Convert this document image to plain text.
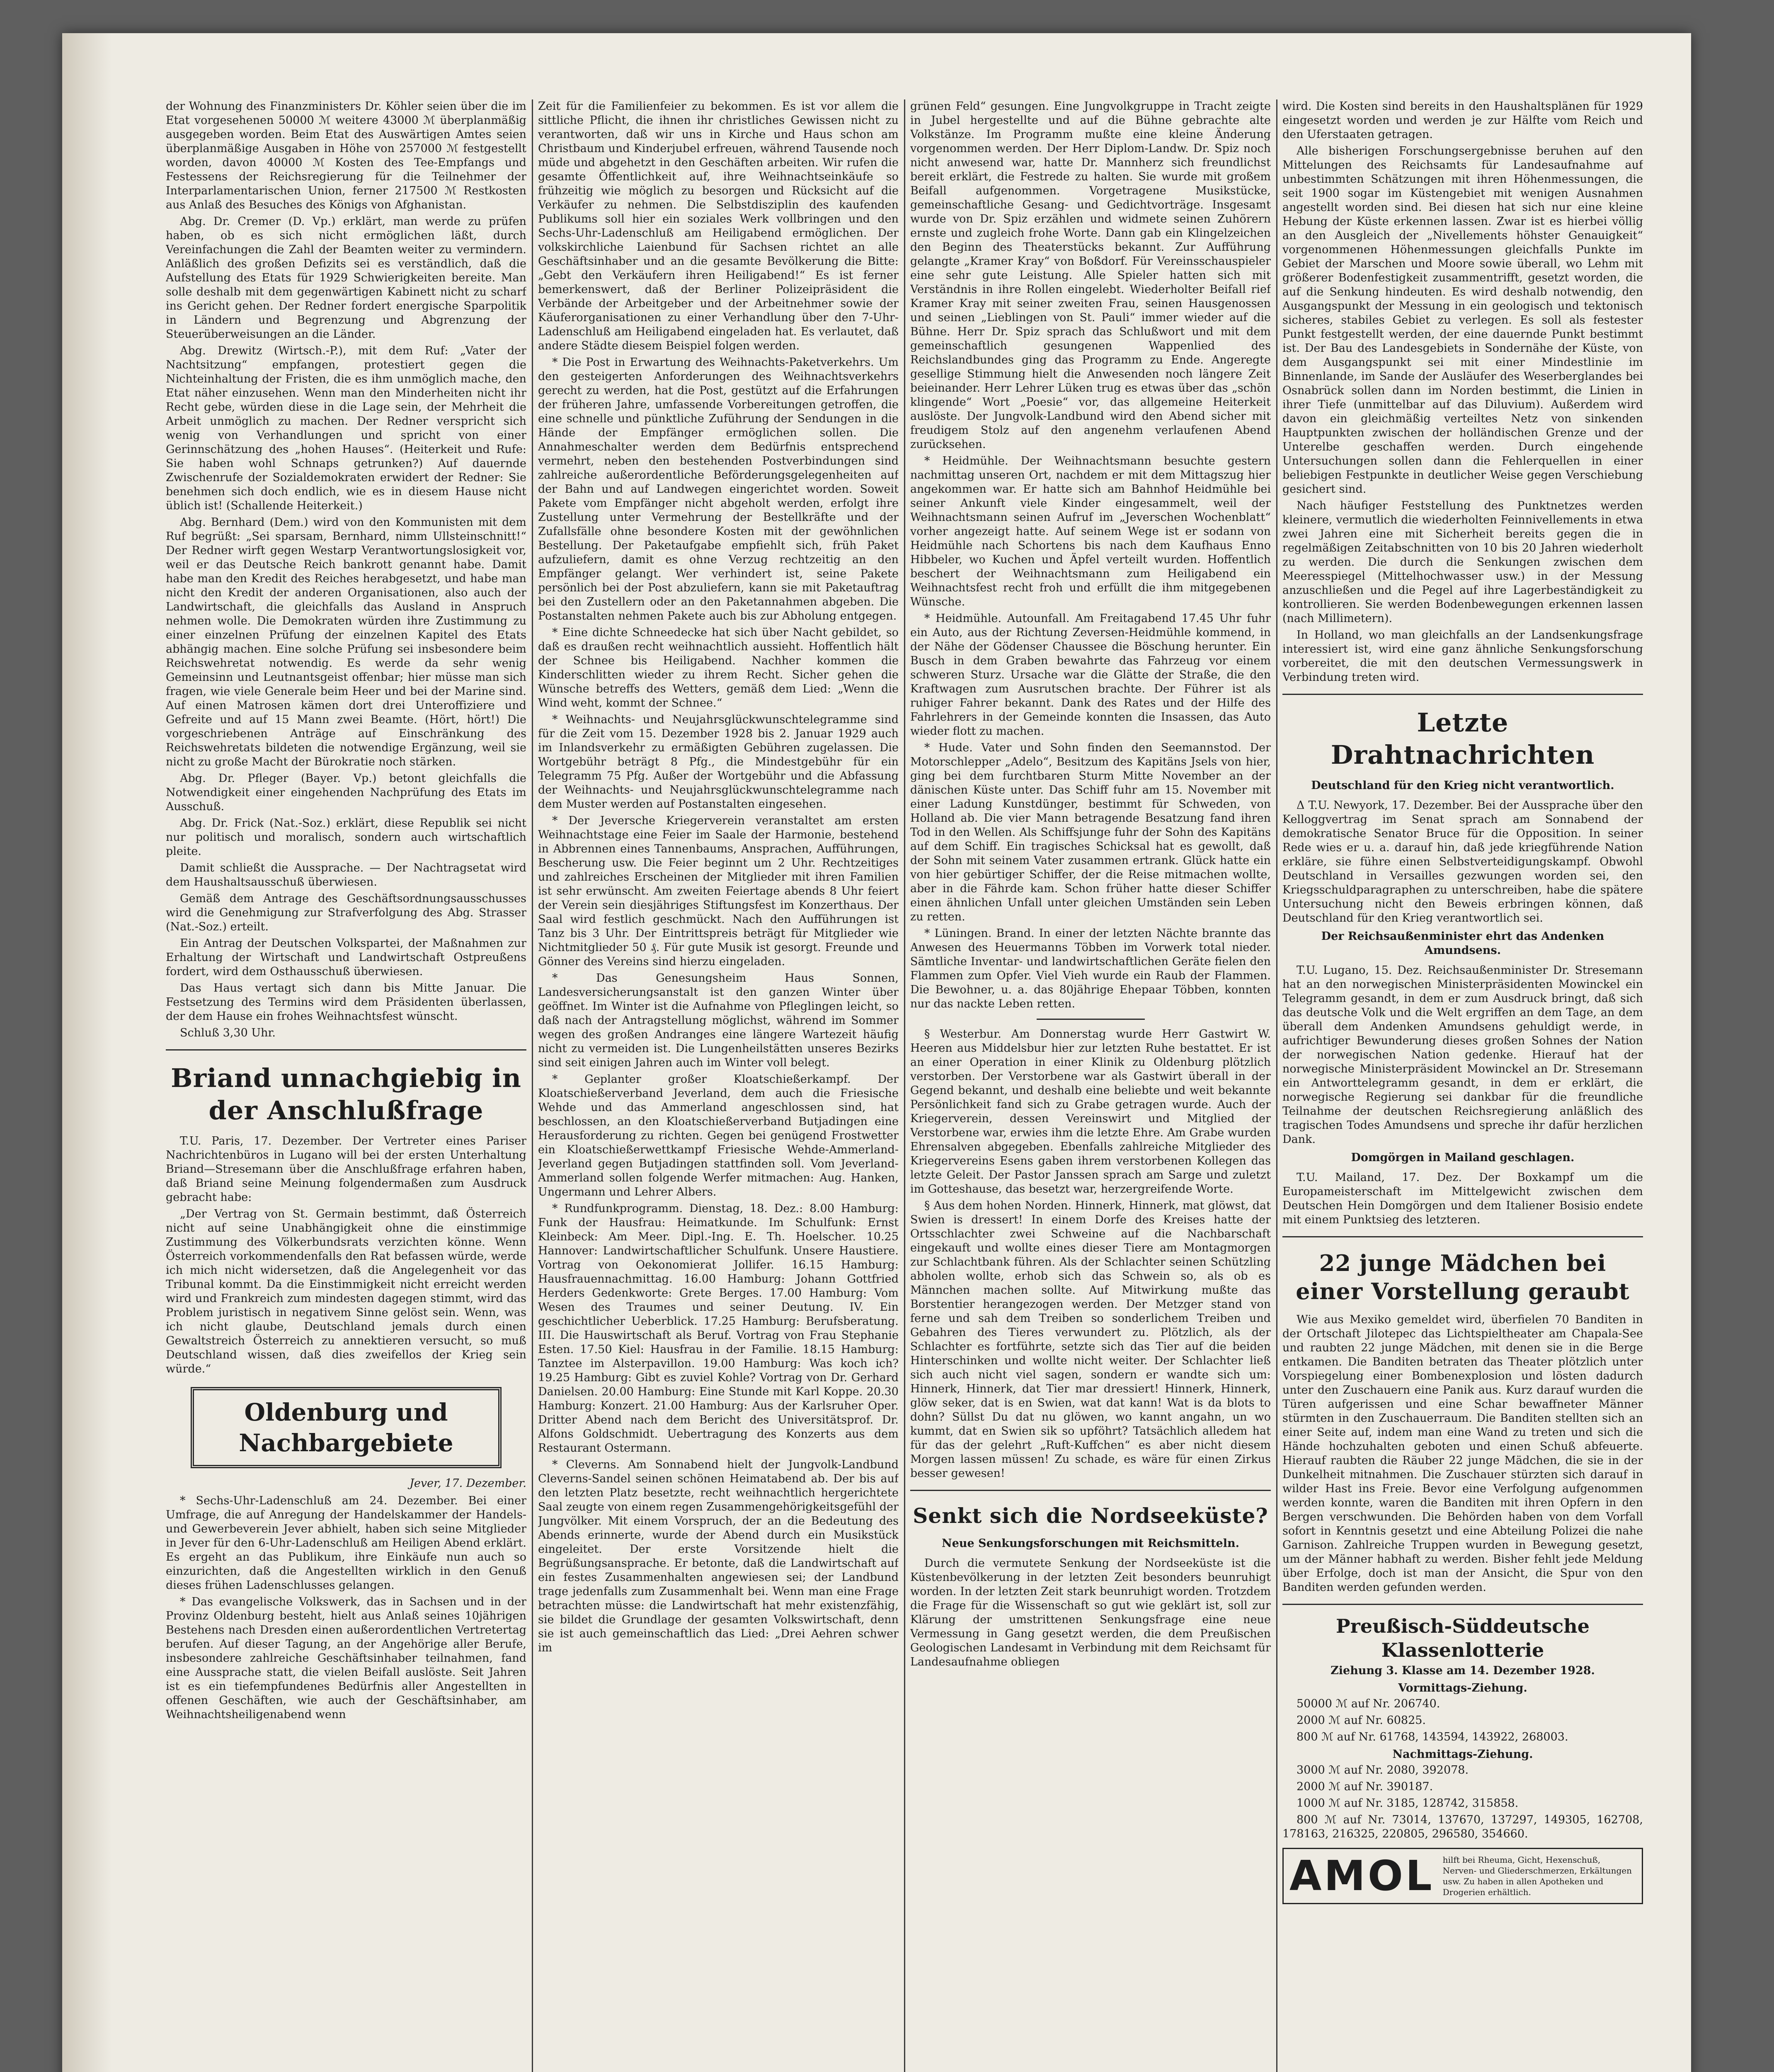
der Wohnung des Finanzministers Dr. Köhler seien über die im Etat vorgesehenen 50000 ℳ weitere 43000 ℳ überplanmäßig ausgegeben worden. Beim Etat des Auswärtigen Amtes seien überplanmäßige Ausgaben in Höhe von 257000 ℳ festgestellt worden, davon 40000 ℳ Kosten des Tee-Empfangs und Festessens der Reichsregierung für die Teilnehmer der Interparlamentarischen Union, ferner 217500 ℳ Restkosten aus Anlaß des Besuches des Königs von Afghanistan.

Abg. Dr. Cremer (D. Vp.) erklärt, man werde zu prüfen haben, ob es sich nicht ermöglichen läßt, durch Vereinfachungen die Zahl der Beamten weiter zu vermindern. Anläßlich des großen Defizits sei es verständlich, daß die Aufstellung des Etats für 1929 Schwierigkeiten bereite. Man solle deshalb mit dem gegenwärtigen Kabinett nicht zu scharf ins Gericht gehen. Der Redner fordert energische Sparpolitik in Ländern und Begrenzung und Abgrenzung der Steuerüberweisungen an die Länder.

Abg. Drewitz (Wirtsch.-P.), mit dem Ruf: „Vater der Nachtsitzung“ empfangen, protestiert gegen die Nichteinhaltung der Fristen, die es ihm unmöglich mache, den Etat näher einzusehen. Wenn man den Minderheiten nicht ihr Recht gebe, würden diese in die Lage sein, der Mehrheit die Arbeit unmöglich zu machen. Der Redner verspricht sich wenig von Verhandlungen und spricht von einer Gerinnschätzung des „hohen Hauses“. (Heiterkeit und Rufe: Sie haben wohl Schnaps getrunken?) Auf dauernde Zwischenrufe der Sozialdemokraten erwidert der Redner: Sie benehmen sich doch endlich, wie es in diesem Hause nicht üblich ist! (Schallende Heiterkeit.)

Abg. Bernhard (Dem.) wird von den Kommunisten mit dem Ruf begrüßt: „Sei sparsam, Bernhard, nimm Ullsteinschnitt!“ Der Redner wirft gegen Westarp Verantwortungslosigkeit vor, weil er das Deutsche Reich bankrott genannt habe. Damit habe man den Kredit des Reiches herabgesetzt, und habe man nicht den Kredit der anderen Organisationen, also auch der Landwirtschaft, die gleichfalls das Ausland in Anspruch nehmen wolle. Die Demokraten würden ihre Zustimmung zu einer einzelnen Prüfung der einzelnen Kapitel des Etats abhängig machen. Eine solche Prüfung sei insbesondere beim Reichswehretat notwendig. Es werde da sehr wenig Gemeinsinn und Leutnantsgeist offenbar; hier müsse man sich fragen, wie viele Generale beim Heer und bei der Marine sind. Auf einen Matrosen kämen dort drei Unteroffiziere und Gefreite und auf 15 Mann zwei Beamte. (Hört, hört!) Die vorgeschriebenen Anträge auf Einschränkung des Reichswehretats bildeten die notwendige Ergänzung, weil sie nicht zu große Macht der Bürokratie noch stärken.

Abg. Dr. Pfleger (Bayer. Vp.) betont gleichfalls die Notwendigkeit einer eingehenden Nachprüfung des Etats im Ausschuß.

Abg. Dr. Frick (Nat.-Soz.) erklärt, diese Republik sei nicht nur politisch und moralisch, sondern auch wirtschaftlich pleite.

Damit schließt die Aussprache. — Der Nachtragsetat wird dem Haushaltsausschuß überwiesen.

Gemäß dem Antrage des Geschäftsordnungsausschusses wird die Genehmigung zur Strafverfolgung des Abg. Strasser (Nat.-Soz.) erteilt.

Ein Antrag der Deutschen Volkspartei, der Maßnahmen zur Erhaltung der Wirtschaft und Landwirtschaft Ostpreußens fordert, wird dem Osthausschuß überwiesen.

Das Haus vertagt sich dann bis Mitte Januar. Die Festsetzung des Termins wird dem Präsidenten überlassen, der dem Hause ein frohes Weihnachtsfest wünscht.

Schluß 3,30 Uhr.

Briand unnachgiebig in der Anschlußfrage

T.U. Paris, 17. Dezember. Der Vertreter eines Pariser Nachrichtenbüros in Lugano will bei der ersten Unterhaltung Briand—Stresemann über die Anschlußfrage erfahren haben, daß Briand seine Meinung folgendermaßen zum Ausdruck gebracht habe:

„Der Vertrag von St. Germain bestimmt, daß Österreich nicht auf seine Unabhängigkeit ohne die einstimmige Zustimmung des Völkerbundsrats verzichten könne. Wenn Österreich vorkommendenfalls den Rat befassen würde, werde ich mich nicht widersetzen, daß die Angelegenheit vor das Tribunal kommt. Da die Einstimmigkeit nicht erreicht werden wird und Frankreich zum mindesten dagegen stimmt, wird das Problem juristisch in negativem Sinne gelöst sein. Wenn, was ich nicht glaube, Deutschland jemals durch einen Gewaltstreich Österreich zu annektieren versucht, so muß Deutschland wissen, daß dies zweifellos der Krieg sein würde.“

Oldenburg und Nachbargebiete
Jever, 17. Dezember.

* Sechs-Uhr-Ladenschluß am 24. Dezember. Bei einer Umfrage, die auf Anregung der Handelskammer der Handels- und Gewerbeverein Jever abhielt, haben sich seine Mitglieder in Jever für den 6-Uhr-Ladenschluß am Heiligen Abend erklärt. Es ergeht an das Publikum, ihre Einkäufe nun auch so einzurichten, daß die Angestellten wirklich in den Genuß dieses frühen Ladenschlusses gelangen.

* Das evangelische Volkswerk, das in Sachsen und in der Provinz Oldenburg besteht, hielt aus Anlaß seines 10jährigen Bestehens nach Dresden einen außerordentlichen Vertretertag berufen. Auf dieser Tagung, an der Angehörige aller Berufe, insbesondere zahlreiche Geschäftsinhaber teilnahmen, fand eine Aussprache statt, die vielen Beifall auslöste. Seit Jahren ist es ein tiefempfundenes Bedürfnis aller Angestellten in offenen Geschäften, wie auch der Geschäftsinhaber, am Weihnachtsheiligenabend wenn

Zeit für die Familienfeier zu bekommen. Es ist vor allem die sittliche Pflicht, die ihnen ihr christliches Gewissen nicht zu verantworten, daß wir uns in Kirche und Haus schon am Christbaum und Kinderjubel erfreuen, während Tausende noch müde und abgehetzt in den Geschäften arbeiten. Wir rufen die gesamte Öffentlichkeit auf, ihre Weihnachtseinkäufe so frühzeitig wie möglich zu besorgen und Rücksicht auf die Verkäufer zu nehmen. Die Selbstdisziplin des kaufenden Publikums soll hier ein soziales Werk vollbringen und den Sechs-Uhr-Ladenschluß am Heiligabend ermöglichen. Der volkskirchliche Laienbund für Sachsen richtet an alle Geschäftsinhaber und an die gesamte Bevölkerung die Bitte: „Gebt den Verkäufern ihren Heiligabend!“ Es ist ferner bemerkenswert, daß der Berliner Polizeipräsident die Verbände der Arbeitgeber und der Arbeitnehmer sowie der Käuferorganisationen zu einer Verhandlung über den 7-Uhr-Ladenschluß am Heiligabend eingeladen hat. Es verlautet, daß andere Städte diesem Beispiel folgen werden.

* Die Post in Erwartung des Weihnachts-Paketverkehrs. Um den gesteigerten Anforderungen des Weihnachtsverkehrs gerecht zu werden, hat die Post, gestützt auf die Erfahrungen der früheren Jahre, umfassende Vorbereitungen getroffen, die eine schnelle und pünktliche Zuführung der Sendungen in die Hände der Empfänger ermöglichen sollen. Die Annahmeschalter werden dem Bedürfnis entsprechend vermehrt, neben den bestehenden Postverbindungen sind zahlreiche außerordentliche Beförderungsgelegenheiten auf der Bahn und auf Landwegen eingerichtet worden. Soweit Pakete vom Empfänger nicht abgeholt werden, erfolgt ihre Zustellung unter Vermehrung der Bestellkräfte und der Zufallsfälle ohne besondere Kosten mit der gewöhnlichen Bestellung. Der Paketaufgabe empfiehlt sich, früh Paket aufzuliefern, damit es ohne Verzug rechtzeitig an den Empfänger gelangt. Wer verhindert ist, seine Pakete persönlich bei der Post abzuliefern, kann sie mit Paketauftrag bei den Zustellern oder an den Paketannahmen abgeben. Die Postanstalten nehmen Pakete auch bis zur Abholung entgegen.

* Eine dichte Schneedecke hat sich über Nacht gebildet, so daß es draußen recht weihnachtlich aussieht. Hoffentlich hält der Schnee bis Heiligabend. Nachher kommen die Kinderschlitten wieder zu ihrem Recht. Sicher gehen die Wünsche betreffs des Wetters, gemäß dem Lied: „Wenn die Wind weht, kommt der Schnee.“

* Weihnachts- und Neujahrsglückwunschtelegramme sind für die Zeit vom 15. Dezember 1928 bis 2. Januar 1929 auch im Inlandsverkehr zu ermäßigten Gebühren zugelassen. Die Wortgebühr beträgt 8 Pfg., die Mindestgebühr für ein Telegramm 75 Pfg. Außer der Wortgebühr und die Abfassung der Weihnachts- und Neujahrsglückwunschtelegramme nach dem Muster werden auf Postanstalten eingesehen.

* Der Jeversche Kriegerverein veranstaltet am ersten Weihnachtstage eine Feier im Saale der Harmonie, bestehend in Abbrennen eines Tannenbaums, Ansprachen, Aufführungen, Bescherung usw. Die Feier beginnt um 2 Uhr. Rechtzeitiges und zahlreiches Erscheinen der Mitglieder mit ihren Familien ist sehr erwünscht. Am zweiten Feiertage abends 8 Uhr feiert der Verein sein diesjähriges Stiftungsfest im Konzerthaus. Der Saal wird festlich geschmückt. Nach den Aufführungen ist Tanz bis 3 Uhr. Der Eintrittspreis beträgt für Mitglieder wie Nichtmitglieder 50 ₰. Für gute Musik ist gesorgt. Freunde und Gönner des Vereins sind hierzu eingeladen.

* Das Genesungsheim Haus Sonnen, Landesversicherungsanstalt ist den ganzen Winter über geöffnet. Im Winter ist die Aufnahme von Pfleglingen leicht, so daß nach der Antragstellung möglichst, während im Sommer wegen des großen Andranges eine längere Wartezeit häufig nicht zu vermeiden ist. Die Lungenheilstätten unseres Bezirks sind seit einigen Jahren auch im Winter voll belegt.

* Geplanter großer Kloatschießerkampf. Der Kloatschießerverband Jeverland, dem auch die Friesische Wehde und das Ammerland angeschlossen sind, hat beschlossen, an den Kloatschießerverband Butjadingen eine Herausforderung zu richten. Gegen bei genügend Frostwetter ein Kloatschießerwettkampf Friesische Wehde-Ammerland-Jeverland gegen Butjadingen stattfinden soll. Vom Jeverland-Ammerland sollen folgende Werfer mitmachen: Aug. Hanken, Ungermann und Lehrer Albers.

* Rundfunkprogramm. Dienstag, 18. Dez.: 8.00 Hamburg: Funk der Hausfrau: Heimatkunde. Im Schulfunk: Ernst Kleinbeck: Am Meer. Dipl.-Ing. E. Th. Hoelscher. 10.25 Hannover: Landwirtschaftlicher Schulfunk. Unsere Haustiere. Vortrag von Oekonomierat Jollifer. 16.15 Hamburg: Hausfrauennachmittag. 16.00 Hamburg: Johann Gottfried Herders Gedenkworte: Grete Berges. 17.00 Hamburg: Vom Wesen des Traumes und seiner Deutung. IV. Ein geschichtlicher Ueberblick. 17.25 Hamburg: Berufsberatung. III. Die Hauswirtschaft als Beruf. Vortrag von Frau Stephanie Esten. 17.50 Kiel: Hausfrau in der Familie. 18.15 Hamburg: Tanztee im Alsterpavillon. 19.00 Hamburg: Was koch ich? 19.25 Hamburg: Gibt es zuviel Kohle? Vortrag von Dr. Gerhard Danielsen. 20.00 Hamburg: Eine Stunde mit Karl Koppe. 20.30 Hamburg: Konzert. 21.00 Hamburg: Aus der Karlsruher Oper. Dritter Abend nach dem Bericht des Universitätsprof. Dr. Alfons Goldschmidt. Uebertragung des Konzerts aus dem Restaurant Ostermann.

* Cleverns. Am Sonnabend hielt der Jungvolk-Landbund Cleverns-Sandel seinen schönen Heimatabend ab. Der bis auf den letzten Platz besetzte, recht weihnachtlich hergerichtete Saal zeugte von einem regen Zusammengehörigkeitsgefühl der Jungvölker. Mit einem Vorspruch, der an die Bedeutung des Abends erinnerte, wurde der Abend durch ein Musikstück eingeleitet. Der erste Vorsitzende hielt die Begrüßungsansprache. Er betonte, daß die Landwirtschaft auf ein festes Zusammenhalten angewiesen sei; der Landbund trage jedenfalls zum Zusammenhalt bei. Wenn man eine Frage betrachten müsse: die Landwirtschaft hat mehr existenzfähig, sie bildet die Grundlage der gesamten Volkswirtschaft, denn sie ist auch gemeinschaftlich das Lied: „Drei Aehren schwer im

grünen Feld“ gesungen. Eine Jungvolkgruppe in Tracht zeigte in Jubel hergestellte und auf die Bühne gebrachte alte Volkstänze. Im Programm mußte eine kleine Änderung vorgenommen werden. Der Herr Diplom-Landw. Dr. Spiz noch nicht anwesend war, hatte Dr. Mannherz sich freundlichst bereit erklärt, die Festrede zu halten. Sie wurde mit großem Beifall aufgenommen. Vorgetragene Musikstücke, gemeinschaftliche Gesang- und Gedichtvorträge. Insgesamt wurde von Dr. Spiz erzählen und widmete seinen Zuhörern ernste und zugleich frohe Worte. Dann gab ein Klingelzeichen den Beginn des Theaterstücks bekannt. Zur Aufführung gelangte „Kramer Kray“ von Boßdorf. Für Vereinsschauspieler eine sehr gute Leistung. Alle Spieler hatten sich mit Verständnis in ihre Rollen eingelebt. Wiederholter Beifall rief Kramer Kray mit seiner zweiten Frau, seinen Hausgenossen und seinen „Lieblingen von St. Pauli“ immer wieder auf die Bühne. Herr Dr. Spiz sprach das Schlußwort und mit dem gemeinschaftlich gesungenen Wappenlied des Reichslandbundes ging das Programm zu Ende. Angeregte gesellige Stimmung hielt die Anwesenden noch längere Zeit beieinander. Herr Lehrer Lüken trug es etwas über das „schön klingende“ Wort „Poesie“ vor, das allgemeine Heiterkeit auslöste. Der Jungvolk-Landbund wird den Abend sicher mit freudigem Stolz auf den angenehm verlaufenen Abend zurücksehen.

* Heidmühle. Der Weihnachtsmann besuchte gestern nachmittag unseren Ort, nachdem er mit dem Mittagszug hier angekommen war. Er hatte sich am Bahnhof Heidmühle bei seiner Ankunft viele Kinder eingesammelt, weil der Weihnachtsmann seinen Aufruf im „Jeverschen Wochenblatt“ vorher angezeigt hatte. Auf seinem Wege ist er sodann von Heidmühle nach Schortens bis nach dem Kaufhaus Enno Hibbeler, wo Kuchen und Äpfel verteilt wurden. Hoffentlich beschert der Weihnachtsmann zum Heiligabend ein Weihnachtsfest recht froh und erfüllt die ihm mitgegebenen Wünsche.

* Heidmühle. Autounfall. Am Freitagabend 17.45 Uhr fuhr ein Auto, aus der Richtung Zeversen-Heidmühle kommend, in der Nähe der Gödenser Chaussee die Böschung herunter. Ein Busch in dem Graben bewahrte das Fahrzeug vor einem schweren Sturz. Ursache war die Glätte der Straße, die den Kraftwagen zum Ausrutschen brachte. Der Führer ist als ruhiger Fahrer bekannt. Dank des Rates und der Hilfe des Fahrlehrers in der Gemeinde konnten die Insassen, das Auto wieder flott zu machen.

* Hude. Vater und Sohn finden den Seemannstod. Der Motorschlepper „Adelo“, Besitzum des Kapitäns Jsels von hier, ging bei dem furchtbaren Sturm Mitte November an der dänischen Küste unter. Das Schiff fuhr am 15. November mit einer Ladung Kunstdünger, bestimmt für Schweden, von Holland ab. Die vier Mann betragende Besatzung fand ihren Tod in den Wellen. Als Schiffsjunge fuhr der Sohn des Kapitäns auf dem Schiff. Ein tragisches Schicksal hat es gewollt, daß der Sohn mit seinem Vater zusammen ertrank. Glück hatte ein von hier gebürtiger Schiffer, der die Reise mitmachen wollte, aber in die Fährde kam. Schon früher hatte dieser Schiffer einen ähnlichen Unfall unter gleichen Umständen sein Leben zu retten.

* Lüningen. Brand. In einer der letzten Nächte brannte das Anwesen des Heuermanns Többen im Vorwerk total nieder. Sämtliche Inventar- und landwirtschaftlichen Geräte fielen den Flammen zum Opfer. Viel Vieh wurde ein Raub der Flammen. Die Bewohner, u. a. das 80jährige Ehepaar Többen, konnten nur das nackte Leben retten.

§ Westerbur. Am Donnerstag wurde Herr Gastwirt W. Heeren aus Middelsbur hier zur letzten Ruhe bestattet. Er ist an einer Operation in einer Klinik zu Oldenburg plötzlich verstorben. Der Verstorbene war als Gastwirt überall in der Gegend bekannt, und deshalb eine beliebte und weit bekannte Persönlichkeit fand sich zu Grabe getragen wurde. Auch der Kriegerverein, dessen Vereinswirt und Mitglied der Verstorbene war, erwies ihm die letzte Ehre. Am Grabe wurden Ehrensalven abgegeben. Ebenfalls zahlreiche Mitglieder des Kriegervereins Esens gaben ihrem verstorbenen Kollegen das letzte Geleit. Der Pastor Janssen sprach am Sarge und zuletzt im Gotteshause, das besetzt war, herzergreifende Worte.

§ Aus dem hohen Norden. Hinnerk, Hinnerk, mat glöwst, dat Swien is dressert! In einem Dorfe des Kreises hatte der Ortsschlachter zwei Schweine auf die Nachbarschaft eingekauft und wollte eines dieser Tiere am Montagmorgen zur Schlachtbank führen. Als der Schlachter seinen Schützling abholen wollte, erhob sich das Schwein so, als ob es Männchen machen sollte. Auf Mitwirkung mußte das Borstentier herangezogen werden. Der Metzger stand von ferne und sah dem Treiben so sonderlichem Treiben und Gebahren des Tieres verwundert zu. Plötzlich, als der Schlachter es fortführte, setzte sich das Tier auf die beiden Hinterschinken und wollte nicht weiter. Der Schlachter ließ sich auch nicht viel sagen, sondern er wandte sich um: Hinnerk, Hinnerk, dat Tier mar dressiert! Hinnerk, Hinnerk, glöw seker, dat is en Swien, wat dat kann! Wat is da blots to dohn? Süllst Du dat nu glöwen, wo kannt angahn, un wo kummt, dat en Swien sik so upföhrt? Tatsächlich alledem hat für das der gelehrt „Ruft-Kuffchen“ es aber nicht diesem Morgen lassen müssen! Zu schade, es wäre für einen Zirkus besser gewesen!

Senkt sich die Nordseeküste?
Neue Senkungsforschungen mit Reichsmitteln.

Durch die vermutete Senkung der Nordseeküste ist die Küstenbevölkerung in der letzten Zeit besonders beunruhigt worden. In der letzten Zeit stark beunruhigt worden. Trotzdem die Frage für die Wissenschaft so gut wie geklärt ist, soll zur Klärung der umstrittenen Senkungsfrage eine neue Vermessung in Gang gesetzt werden, die dem Preußischen Geologischen Landesamt in Verbindung mit dem Reichsamt für Landesaufnahme obliegen

wird. Die Kosten sind bereits in den Haushaltsplänen für 1929 eingesetzt worden und werden je zur Hälfte vom Reich und den Uferstaaten getragen.

Alle bisherigen Forschungsergebnisse beruhen auf den Mittelungen des Reichsamts für Landesaufnahme auf unbestimmten Schätzungen mit ihren Höhenmessungen, die seit 1900 sogar im Küstengebiet mit wenigen Ausnahmen angestellt worden sind. Bei diesen hat sich nur eine kleine Hebung der Küste erkennen lassen. Zwar ist es hierbei völlig an den Ausgleich der „Nivellements höhster Genauigkeit“ vorgenommenen Höhenmessungen gleichfalls Punkte im Gebiet der Marschen und Moore sowie überall, wo Lehm mit größerer Bodenfestigkeit zusammentrifft, gesetzt worden, die auf die Senkung hindeuten. Es wird deshalb notwendig, den Ausgangspunkt der Messung in ein geologisch und tektonisch sicheres, stabiles Gebiet zu verlegen. Es soll als festester Punkt festgestellt werden, der eine dauernde Punkt bestimmt ist. Der Bau des Landesgebiets in Sondernähe der Küste, von dem Ausgangspunkt sei mit einer Mindestlinie im Binnenlande, im Sande der Ausläufer des Weserberglandes bei Osnabrück sollen dann im Norden bestimmt, die Linien in ihrer Tiefe (unmittelbar auf das Diluvium). Außerdem wird davon ein gleichmäßig verteiltes Netz von sinkenden Hauptpunkten zwischen der holländischen Grenze und der Unterelbe geschaffen werden. Durch eingehende Untersuchungen sollen dann die Fehlerquellen in einer beliebigen Festpunkte in deutlicher Weise gegen Verschiebung gesichert sind.

Nach häufiger Feststellung des Punktnetzes werden kleinere, vermutlich die wiederholten Feinnivellements in etwa zwei Jahren eine mit Sicherheit bereits gegen die in regelmäßigen Zeitabschnitten von 10 bis 20 Jahren wiederholt zu werden. Die durch die Senkungen zwischen dem Meeresspiegel (Mittelhochwasser usw.) in der Messung anzuschließen und die Pegel auf ihre Lagerbeständigkeit zu kontrollieren. Sie werden Bodenbewegungen erkennen lassen (nach Millimetern).

In Holland, wo man gleichfalls an der Landsenkungsfrage interessiert ist, wird eine ganz ähnliche Senkungsforschung vorbereitet, die mit den deutschen Vermessungswerk in Verbindung treten wird.

Letzte Drahtnachrichten
Deutschland für den Krieg nicht verantwortlich.

Δ T.U. Newyork, 17. Dezember. Bei der Aussprache über den Kelloggvertrag im Senat sprach am Sonnabend der demokratische Senator Bruce für die Opposition. In seiner Rede wies er u. a. darauf hin, daß jede kriegführende Nation erkläre, sie führe einen Selbstverteidigungskampf. Obwohl Deutschland in Versailles gezwungen worden sei, den Kriegsschuldparagraphen zu unterschreiben, habe die spätere Untersuchung nicht den Beweis erbringen können, daß Deutschland für den Krieg verantwortlich sei.

Der Reichsaußenminister ehrt das Andenken Amundsens.

T.U. Lugano, 15. Dez. Reichsaußenminister Dr. Stresemann hat an den norwegischen Ministerpräsidenten Mowinckel ein Telegramm gesandt, in dem er zum Ausdruck bringt, daß sich das deutsche Volk und die Welt ergriffen an dem Tage, an dem überall dem Andenken Amundsens gehuldigt werde, in aufrichtiger Bewunderung dieses großen Sohnes der Nation der norwegischen Nation gedenke. Hierauf hat der norwegische Ministerpräsident Mowinckel an Dr. Stresemann ein Antworttelegramm gesandt, in dem er erklärt, die norwegische Regierung sei dankbar für die freundliche Teilnahme der deutschen Reichsregierung anläßlich des tragischen Todes Amundsens und spreche ihr dafür herzlichen Dank.

Domgörgen in Mailand geschlagen.

T.U. Mailand, 17. Dez. Der Boxkampf um die Europameisterschaft im Mittelgewicht zwischen dem Deutschen Hein Domgörgen und dem Italiener Bosisio endete mit einem Punktsieg des letzteren.

22 junge Mädchen bei einer Vorstellung geraubt

Wie aus Mexiko gemeldet wird, überfielen 70 Banditen in der Ortschaft Jilotepec das Lichtspieltheater am Chapala-See und raubten 22 junge Mädchen, mit denen sie in die Berge entkamen. Die Banditen betraten das Theater plötzlich unter Vorspiegelung einer Bombenexplosion und lösten dadurch unter den Zuschauern eine Panik aus. Kurz darauf wurden die Türen aufgerissen und eine Schar bewaffneter Männer stürmten in den Zuschauerraum. Die Banditen stellten sich an einer Seite auf, indem man eine Wand zu treten und sich die Hände hochzuhalten geboten und einen Schuß abfeuerte. Hierauf raubten die Räuber 22 junge Mädchen, die sie in der Dunkelheit mitnahmen. Die Zuschauer stürzten sich darauf in wilder Hast ins Freie. Bevor eine Verfolgung aufgenommen werden konnte, waren die Banditen mit ihren Opfern in den Bergen verschwunden. Die Behörden haben von dem Vorfall sofort in Kenntnis gesetzt und eine Abteilung Polizei die nahe Garnison. Zahlreiche Truppen wurden in Bewegung gesetzt, um der Männer habhaft zu werden. Bisher fehlt jede Meldung über Erfolge, doch ist man der Ansicht, die Spur von den Banditen werden gefunden werden.

Preußisch-Süddeutsche Klassenlotterie
Ziehung 3. Klasse am 14. Dezember 1928.
Vormittags-Ziehung.

50000 ℳ auf Nr. 206740.

2000 ℳ auf Nr. 60825.

800 ℳ auf Nr. 61768, 143594, 143922, 268003.

Nachmittags-Ziehung.

3000 ℳ auf Nr. 2080, 392078.

2000 ℳ auf Nr. 390187.

1000 ℳ auf Nr. 3185, 128742, 315858.

800 ℳ auf Nr. 73014, 137670, 137297, 149305, 162708, 178163, 216325, 220805, 296580, 354660.

AMOL hilft bei Rheuma, Gicht, Hexenschuß, Nerven- und Gliederschmerzen, Erkältungen usw. Zu haben in allen Apotheken und Drogerien erhältlich.
